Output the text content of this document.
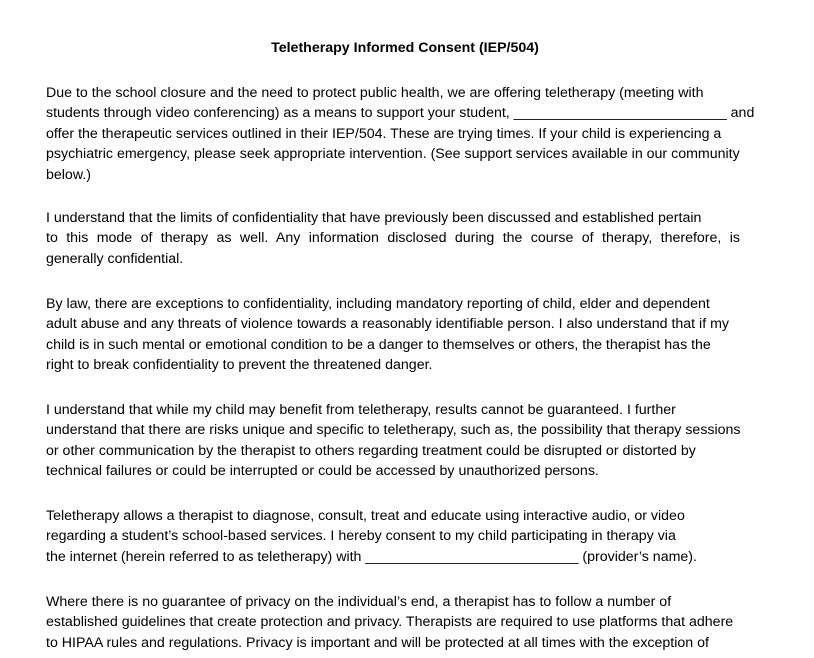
Teletherapy Informed Consent (IEP/504)

Due to the school closure and the need to protect public health, we are offering teletherapy (meeting with
students through video conferencing) as a means to support your student, ___________________________ and
offer the therapeutic services outlined in their IEP/504. These are trying times. If your child is experiencing a
psychiatric emergency, please seek appropriate intervention. (See support services available in our community
below.)

I understand that the limits of confidentiality that have previously been discussed and established pertain
to this mode of therapy as well. Any information disclosed during the course of therapy, therefore, is
generally confidential.

By law, there are exceptions to confidentiality, including mandatory reporting of child, elder and dependent
adult abuse and any threats of violence towards a reasonably identifiable person. I also understand that if my
child is in such mental or emotional condition to be a danger to themselves or others, the therapist has the
right to break confidentiality to prevent the threatened danger.

I understand that while my child may benefit from teletherapy, results cannot be guaranteed. I further
understand that there are risks unique and specific to teletherapy, such as, the possibility that therapy sessions
or other communication by the therapist to others regarding treatment could be disrupted or distorted by
technical failures or could be interrupted or could be accessed by unauthorized persons.

Teletherapy allows a therapist to diagnose, consult, treat and educate using interactive audio, or video
regarding a student’s school-based services. I hereby consent to my child participating in therapy via
the internet (herein referred to as teletherapy) with ___________________________ (provider’s name).

Where there is no guarantee of privacy on the individual’s end, a therapist has to follow a number of
established guidelines that create protection and privacy. Therapists are required to use platforms that adhere
to HIPAA rules and regulations. Privacy is important and will be protected at all times with the exception of
